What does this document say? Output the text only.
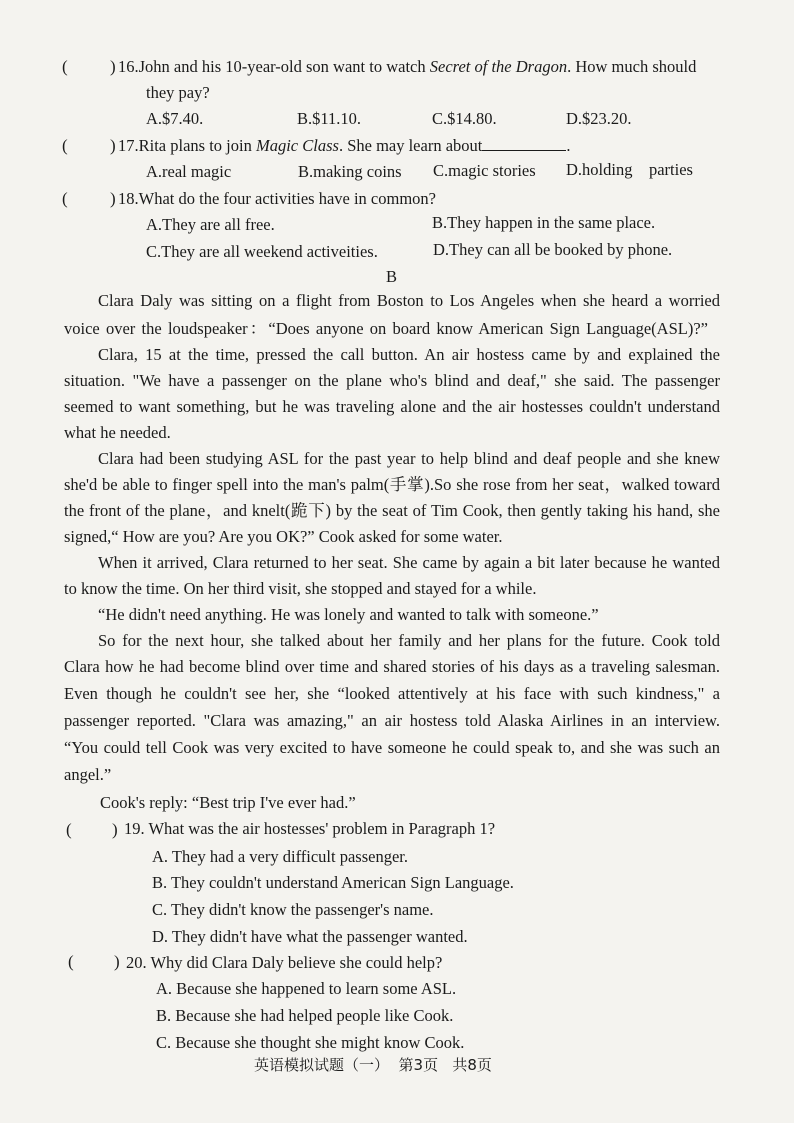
( ) 16.John and his 10-year-old son want to watch Secret of the Dragon. How much should
they pay?
A.$7.40.	B.$11.10.	C.$14.80.	D.$23.20.
( ) 17.Rita plans to join Magic Class. She may learn about	.
A.real magic	B.making coins C.magic stories D.holding    parties
( ) 18.What do the four activities have in common?
A.They are all free.	B.They happen in the same place.
C.They are all weekend activeities.	D.They can all be booked by phone.
B
Clara Daly was sitting on a flight from Boston to Los Angeles when she heard a worried
voice over the loudspeaker：“Does anyone on board know American Sign Language(ASL)?”
Clara, 15 at the time, pressed the call button. An air hostess came by and explained the
situation. "We have a passenger on the plane who's blind and deaf," she said. The passenger
seemed to want something, but he was traveling alone and the air hostesses couldn't understand
what he needed.
Clara had been studying ASL for the past year to help blind and deaf people and she knew
she'd be able to finger spell into the man's palm(手掌).So she rose from her seat，walked toward
the front of the plane，and knelt(跪下) by the seat of Tim Cook, then gently taking his hand, she
signed,“ How are you? Are you OK?” Cook asked for some water.
When it arrived, Clara returned to her seat. She came by again a bit later because he wanted
to know the time. On her third visit, she stopped and stayed for a while.
“He didn't need anything. He was lonely and wanted to talk with someone.”
So for the next hour, she talked about her family and her plans for the future. Cook told
Clara how he had become blind over time and shared stories of his days as a traveling salesman.
Even though he couldn't see her, she “looked attentively at his face with such kindness," a
passenger reported. "Clara was amazing," an air hostess told Alaska Airlines in an interview.
“You could tell Cook was very excited to have someone he could speak to, and she was such an
angel.”
Cook's reply: “Best trip I've ever had.”
( ) 19. What was the air hostesses' problem in Paragraph 1?
A. They had a very difficult passenger.
B. They couldn't understand American Sign Language.
C. They didn't know the passenger's name.
D. They didn't have what the passenger wanted.
( ) 20. Why did Clara Daly believe she could help?
A. Because she happened to learn some ASL.
B. Because she had helped people like Cook.
C. Because she thought she might know Cook.
英语模拟试题（一）  第3页   共8页
